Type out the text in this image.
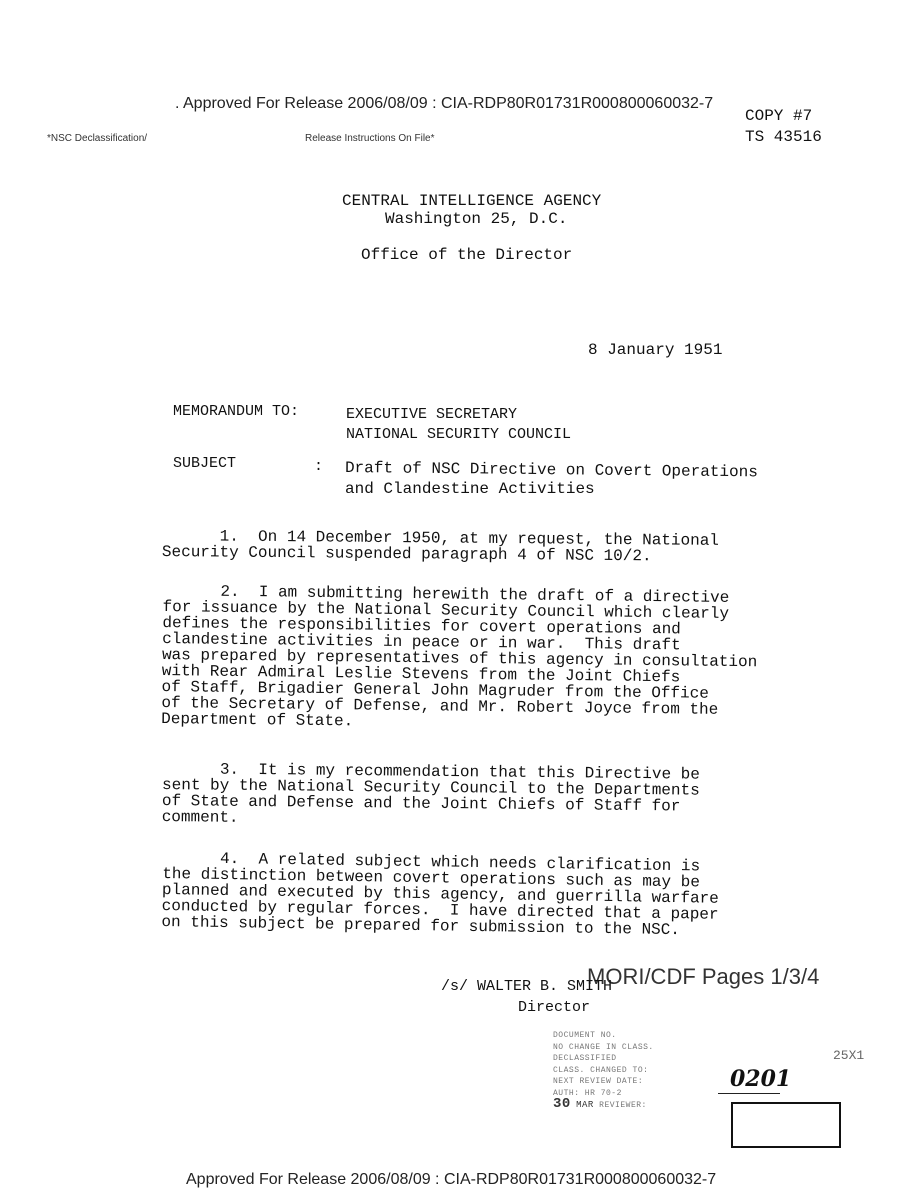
. Approved For Release 2006/08/09 : CIA-RDP80R01731R000800060032-7
COPY #7
TS 43516
*NSC Declassification/	Release Instructions On File*
CENTRAL INTELLIGENCE AGENCY
Washington 25, D.C.
Office of the Director
8 January 1951
MEMORANDUM TO:	EXECUTIVE SECRETARY
NATIONAL SECURITY COUNCIL
SUBJECT	: Draft of NSC Directive on Covert Operations
and Clandestine Activities
1.  On 14 December 1950, at my request, the National
Security Council suspended paragraph 4 of NSC 10/2.
2.  I am submitting herewith the draft of a directive
for issuance by the National Security Council which clearly
defines the responsibilities for covert operations and
clandestine activities in peace or in war.  This draft
was prepared by representatives of this agency in consultation
with Rear Admiral Leslie Stevens from the Joint Chiefs
of Staff, Brigadier General John Magruder from the Office
of the Secretary of Defense, and Mr. Robert Joyce from the
Department of State.
3.  It is my recommendation that this Directive be
sent by the National Security Council to the Departments
of State and Defense and the Joint Chiefs of Staff for
comment.
4.  A related subject which needs clarification is
the distinction between covert operations such as may be
planned and executed by this agency, and guerrilla warfare
conducted by regular forces.  I have directed that a paper
on this subject be prepared for submission to the NSC.
MORI/CDF Pages 1/3/4
/s/ WALTER B. SMITH
Director
25X1
0201
DOCUMENT NO.
NO CHANGE IN CLASS.
DECLASSIFIED
CLASS. CHANGED TO:
NEXT REVIEW DATE:
AUTH: HR 70-2
30 MAR REVIEWER:
Approved For Release 2006/08/09 : CIA-RDP80R01731R000800060032-7
